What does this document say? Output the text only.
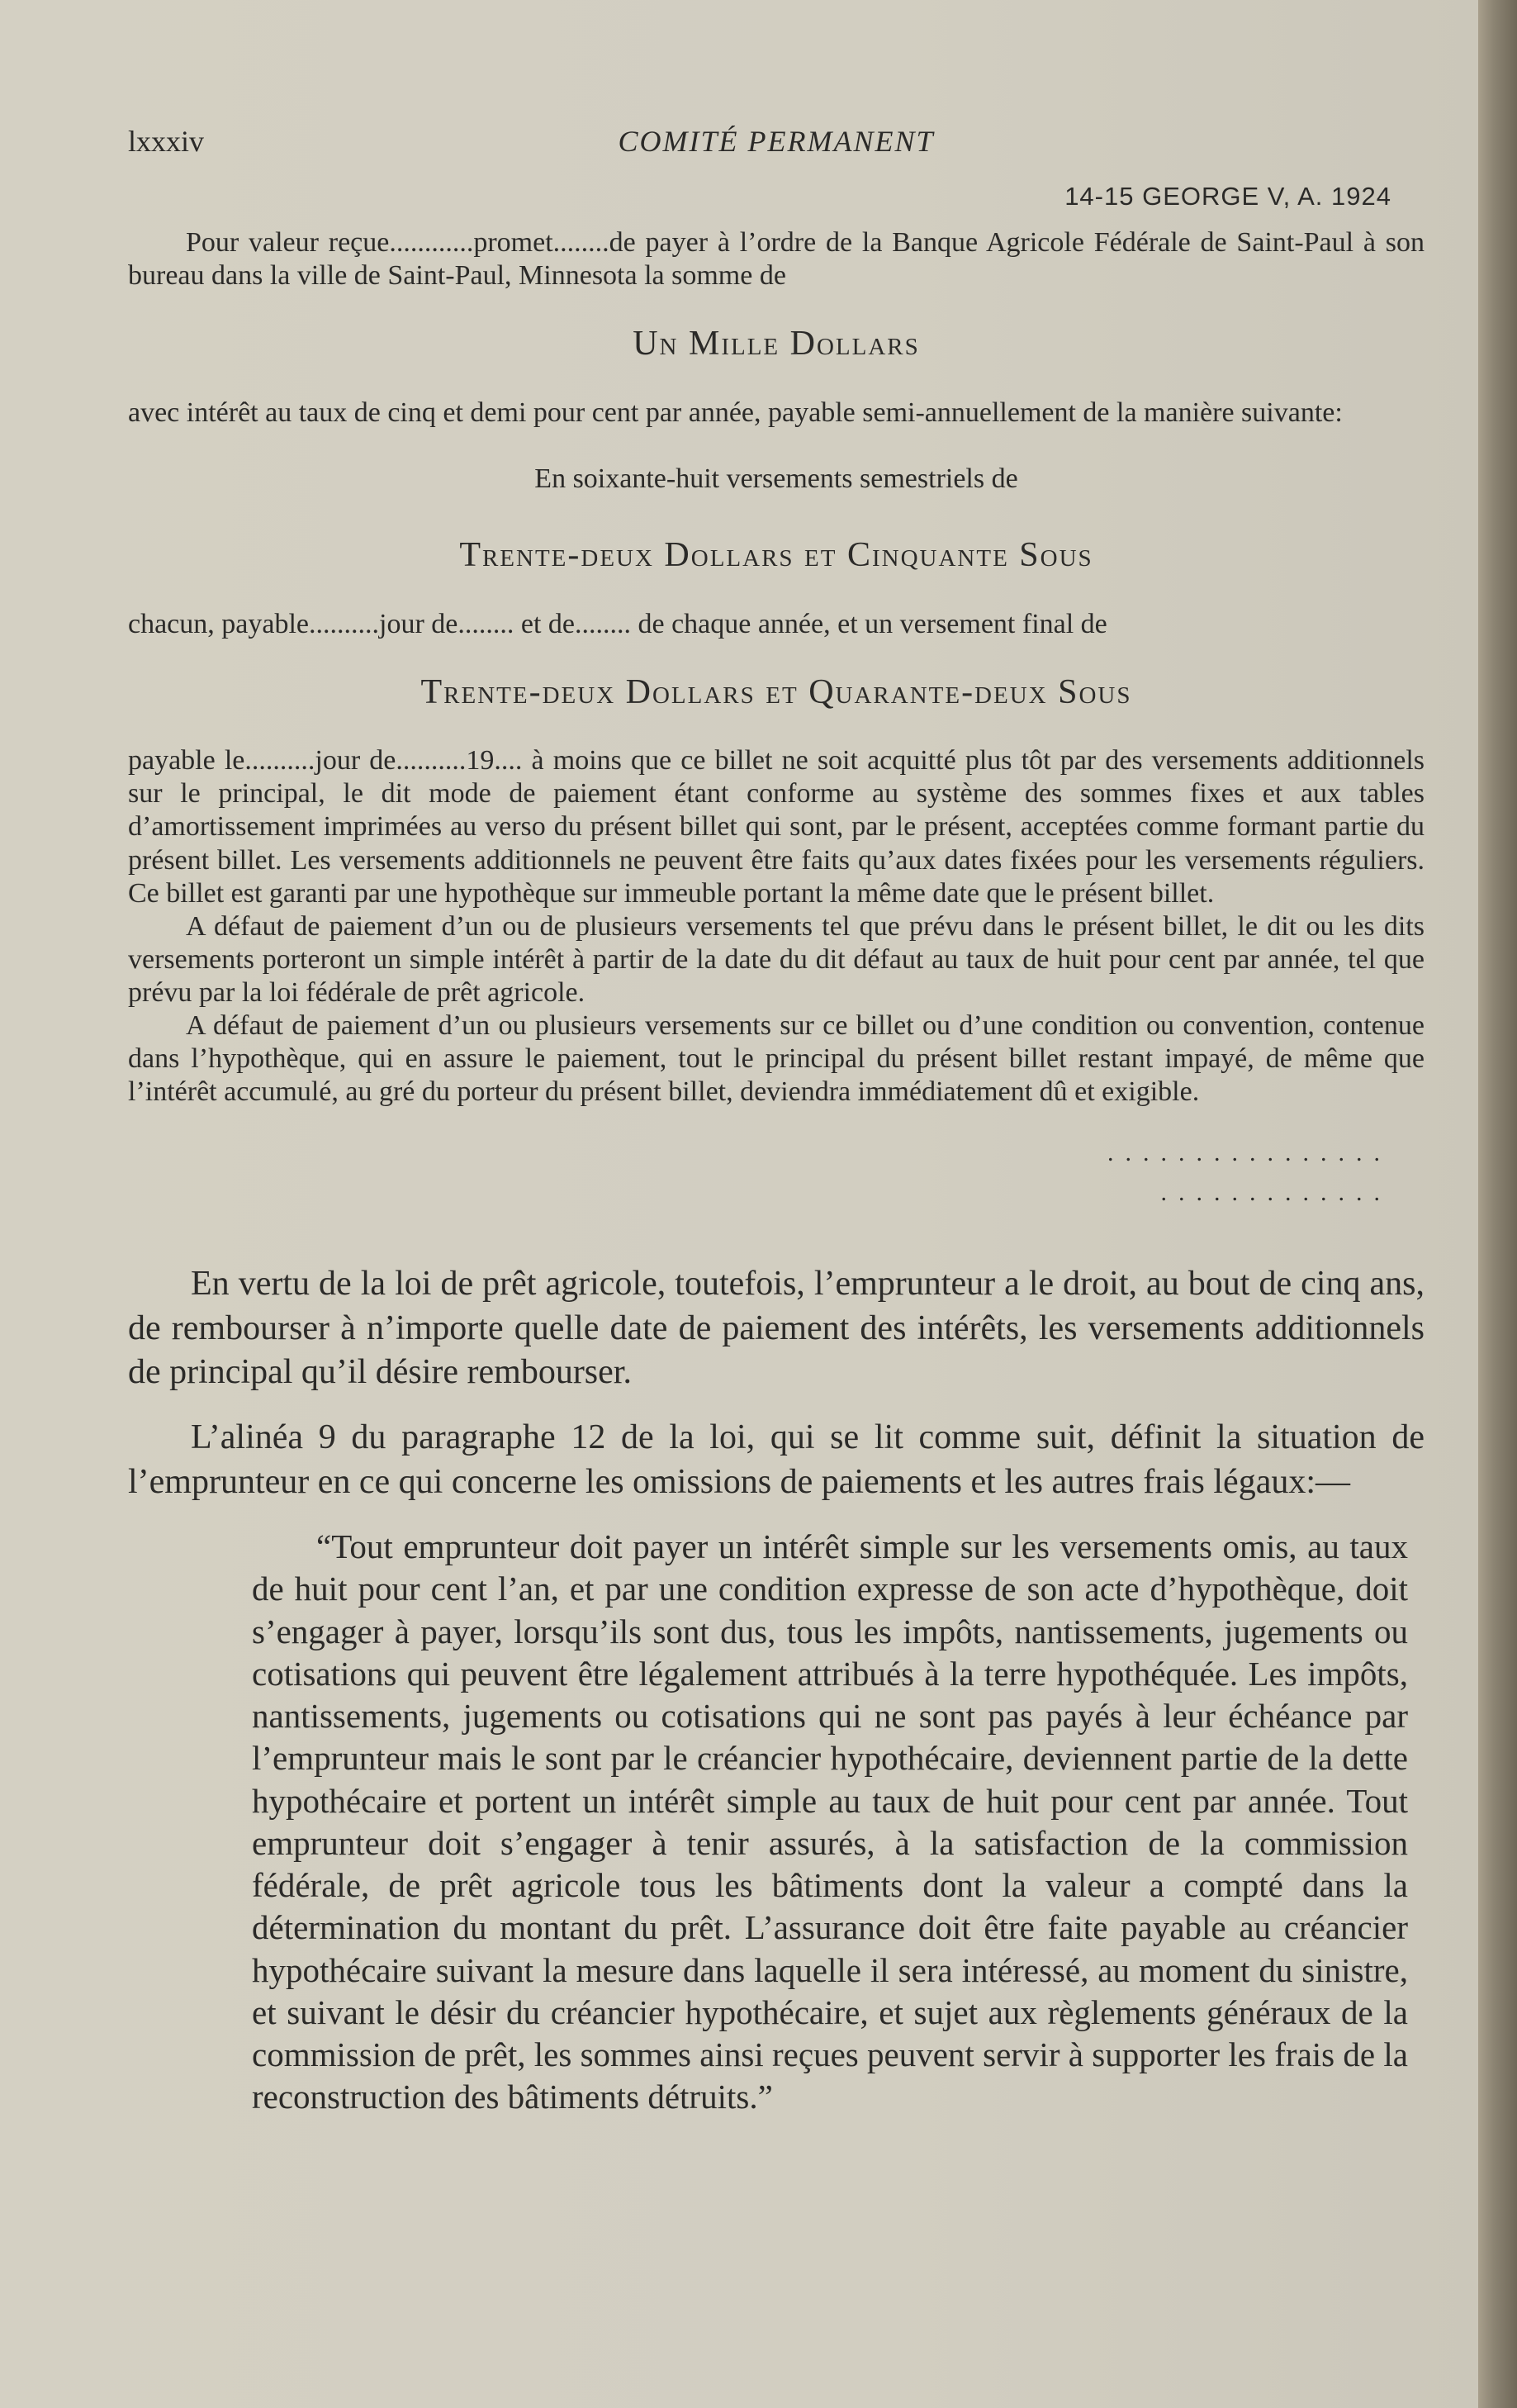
lxxxiv	COMITÉ PERMANENT
14-15 GEORGE V, A. 1924

Pour valeur reçue............promet........de payer à l’ordre de la Banque Agricole Fédérale de Saint-Paul à son bureau dans la ville de Saint-Paul, Minnesota la somme de

Un Mille Dollars

avec intérêt au taux de cinq et demi pour cent par année, payable semi-annuellement de la manière suivante:

En soixante-huit versements semestriels de
Trente-deux Dollars et Cinquante Sous

chacun, payable..........jour de........ et de........ de chaque année, et un versement final de

Trente-deux Dollars et Quarante-deux Sous

payable le..........jour de..........19.... à moins que ce billet ne soit acquitté plus tôt par des versements additionnels sur le principal, le dit mode de paiement étant conforme au système des sommes fixes et aux tables d’amortissement imprimées au verso du présent billet qui sont, par le présent, acceptées comme formant partie du présent billet. Les versements additionnels ne peuvent être faits qu’aux dates fixées pour les versements réguliers. Ce billet est garanti par une hypothèque sur immeuble portant la même date que le présent billet.

A défaut de paiement d’un ou de plusieurs versements tel que prévu dans le présent billet, le dit ou les dits versements porteront un simple intérêt à partir de la date du dit défaut au taux de huit pour cent par année, tel que prévu par la loi fédérale de prêt agricole.

A défaut de paiement d’un ou plusieurs versements sur ce billet ou d’une condition ou convention, contenue dans l’hypothèque, qui en assure le paiement, tout le principal du présent billet restant impayé, de même que l’intérêt accumulé, au gré du porteur du présent billet, deviendra immédiatement dû et exigible.

................
.............

En vertu de la loi de prêt agricole, toutefois, l’emprunteur a le droit, au bout de cinq ans, de rembourser à n’importe quelle date de paiement des intérêts, les versements additionnels de principal qu’il désire rembourser.

L’alinéa 9 du paragraphe 12 de la loi, qui se lit comme suit, définit la situation de l’emprunteur en ce qui concerne les omissions de paiements et les autres frais légaux:—

“Tout emprunteur doit payer un intérêt simple sur les versements omis, au taux de huit pour cent l’an, et par une condition expresse de son acte d’hypothèque, doit s’engager à payer, lorsqu’ils sont dus, tous les impôts, nantissements, jugements ou cotisations qui peuvent être légalement attribués à la terre hypothéquée. Les impôts, nantissements, jugements ou cotisations qui ne sont pas payés à leur échéance par l’emprunteur mais le sont par le créancier hypothécaire, deviennent partie de la dette hypothécaire et portent un intérêt simple au taux de huit pour cent par année. Tout emprunteur doit s’engager à tenir assurés, à la satisfaction de la commission fédérale, de prêt agricole tous les bâtiments dont la valeur a compté dans la détermination du montant du prêt. L’assurance doit être faite payable au créancier hypothécaire suivant la mesure dans laquelle il sera intéressé, au moment du sinistre, et suivant le désir du créancier hypothécaire, et sujet aux règlements généraux de la commission de prêt, les sommes ainsi reçues peuvent servir à supporter les frais de la reconstruction des bâtiments détruits.”
